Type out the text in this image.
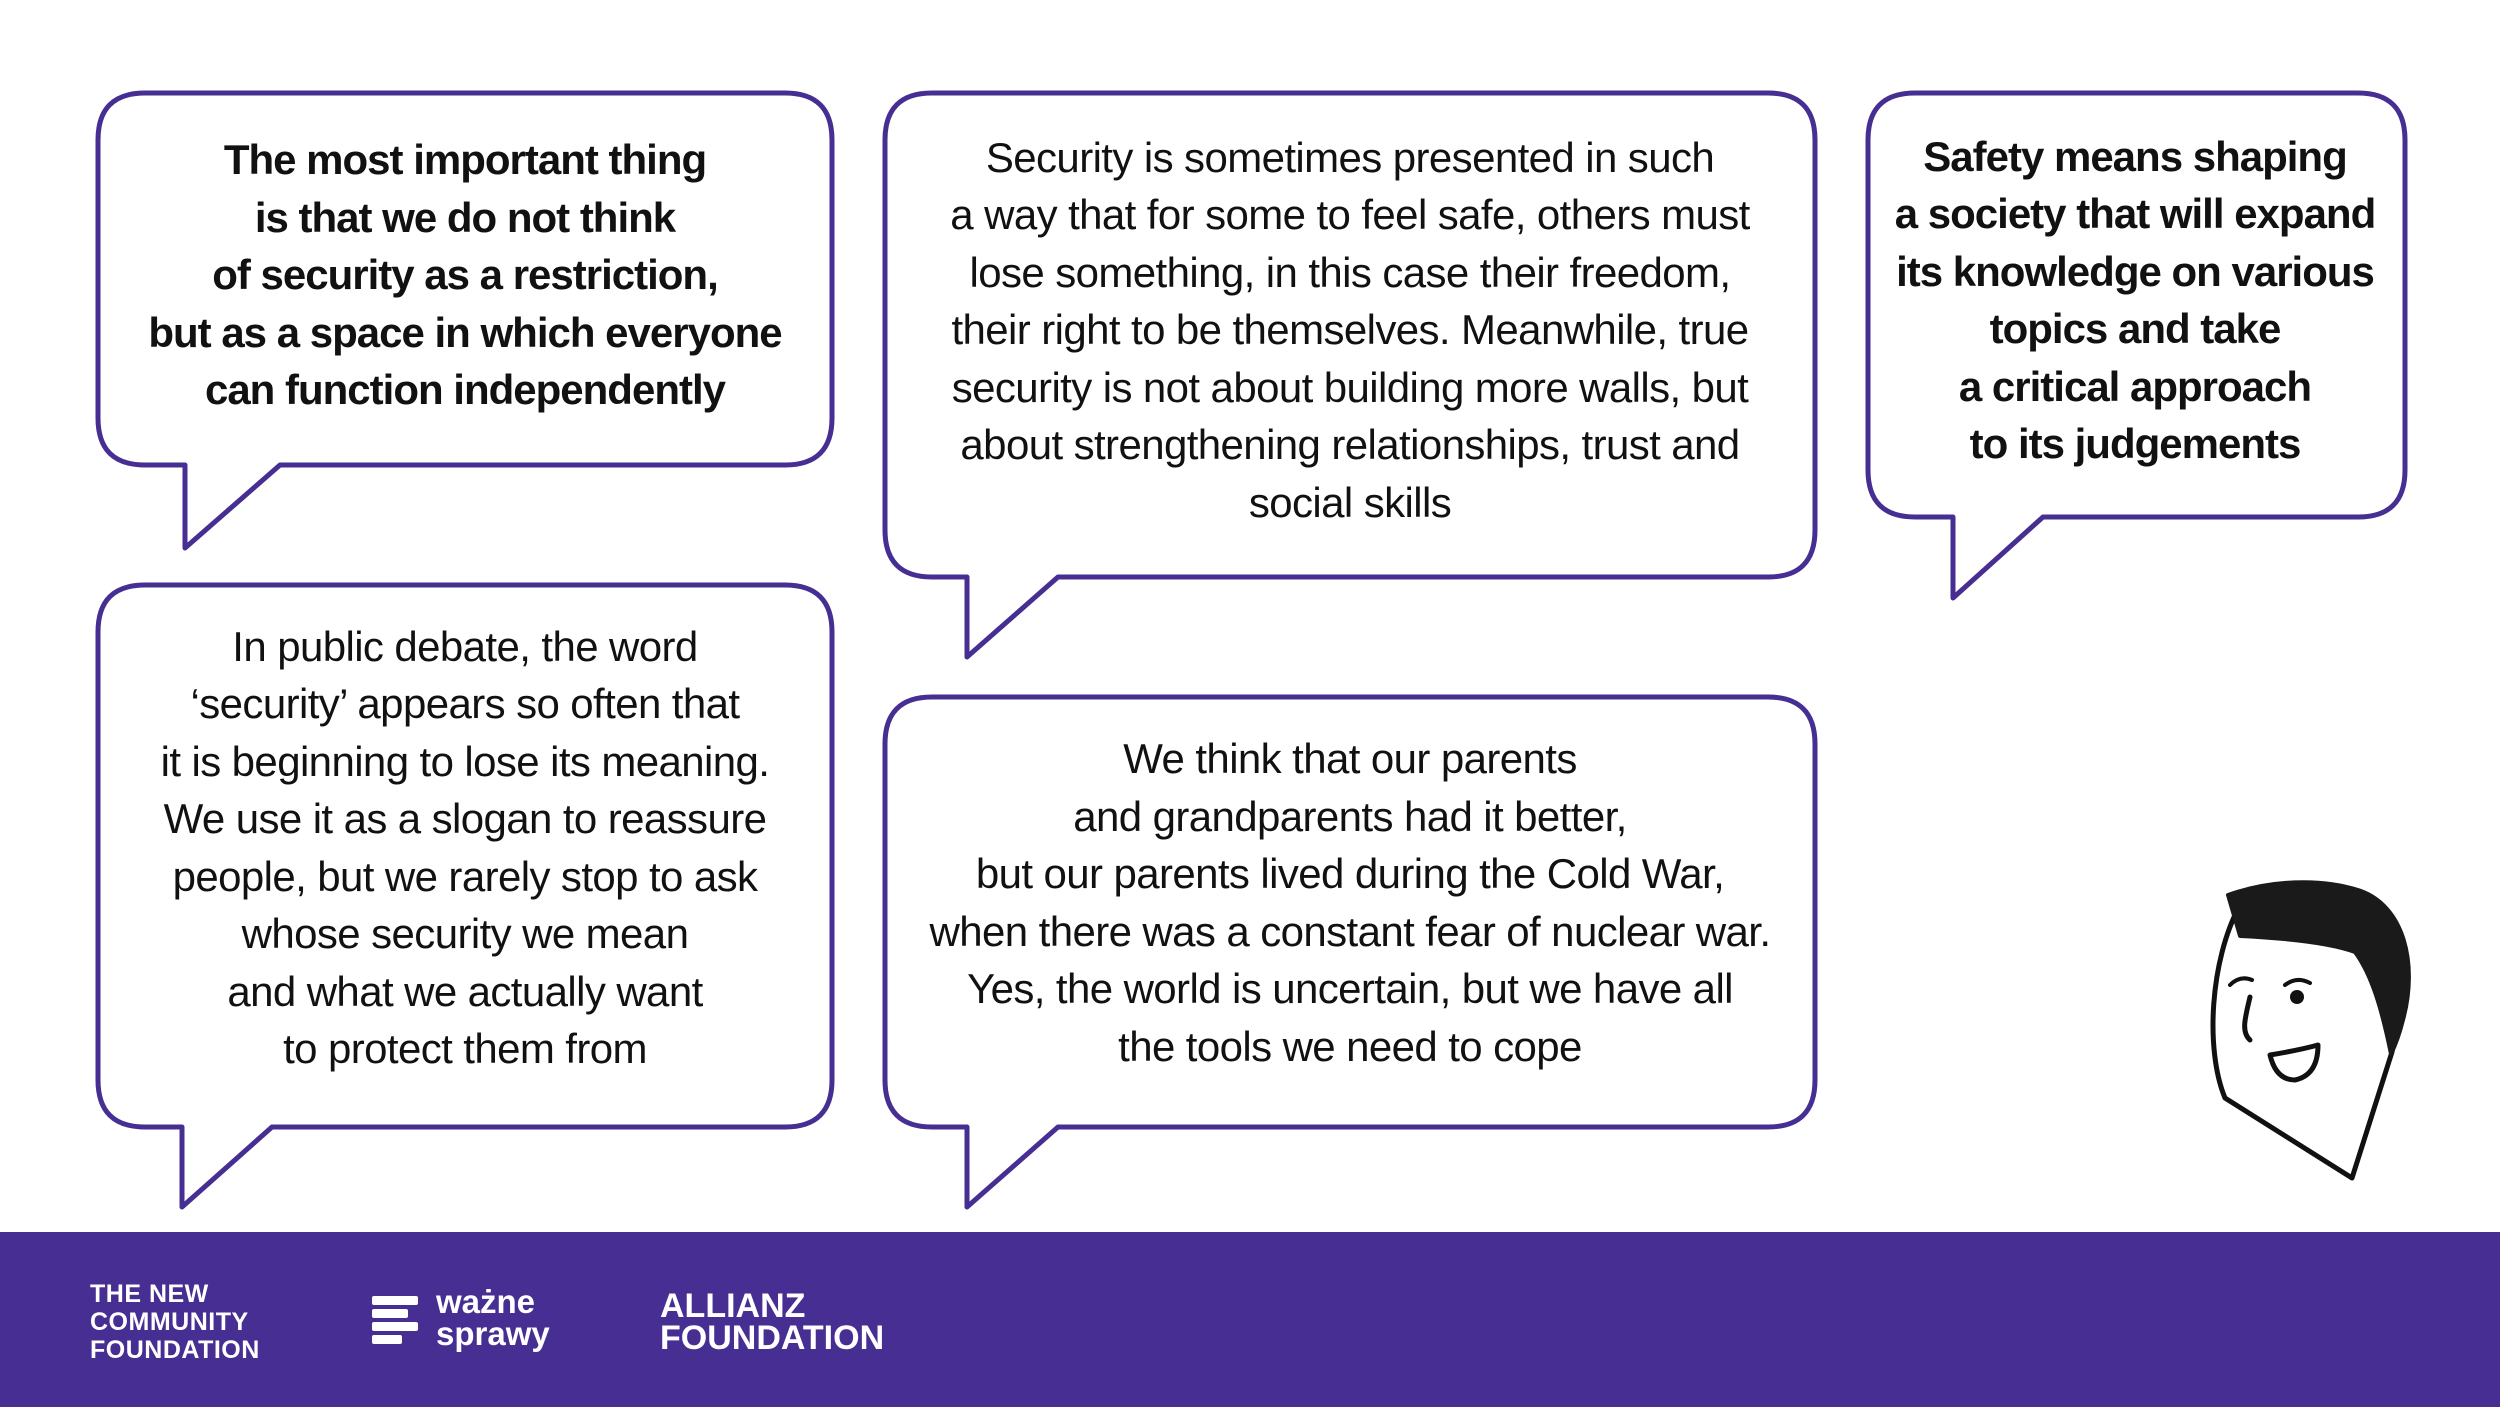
The most important thing
is that we do not think
of security as a restriction,
but as a space in which everyone
can function independently
Security is sometimes presented in such
a way that for some to feel safe, others must
lose something, in this case their freedom,
their right to be themselves. Meanwhile, true
security is not about building more walls, but
about strengthening relationships, trust and
social skills
Safety means shaping
a society that will expand
its knowledge on various
topics and take
a critical approach
to its judgements
In public debate, the word
‘security’ appears so often that
it is beginning to lose its meaning.
We use it as a slogan to reassure
people, but we rarely stop to ask
whose security we mean
and what we actually want
to protect them from
We think that our parents
and grandparents had it better,
but our parents lived during the Cold War,
when there was a constant fear of nuclear war.
Yes, the world is uncertain, but we have all
the tools we need to cope
THE NEW
COMMUNITY
FOUNDATION
ważne
sprawy
ALLIANZ
FOUNDATION
